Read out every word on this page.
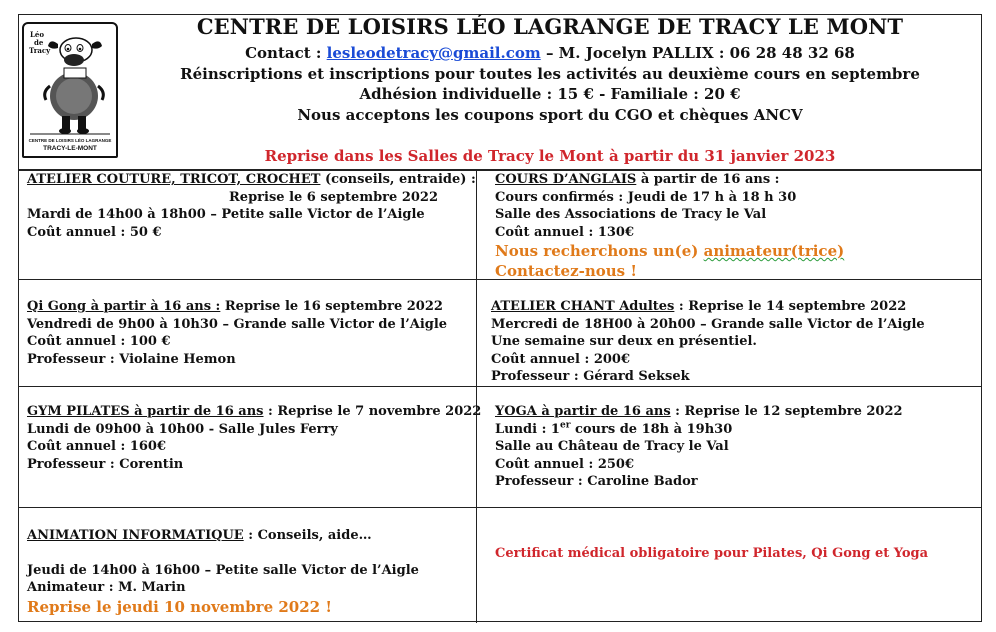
Léo
de
Tracy
CENTRE DE LOISIRS LÉO LAGRANGE
TRACY-LE-MONT
CENTRE DE LOISIRS LÉO LAGRANGE DE TRACY LE MONT
Contact : lesleodetracy@gmail.com – M. Jocelyn PALLIX : 06 28 48 32 68
Réinscriptions et inscriptions pour toutes les activités au deuxième cours en septembre
Adhésion individuelle : 15 € - Familiale : 20 €
Nous acceptons les coupons sport du CGO et chèques ANCV
Reprise dans les Salles de Tracy le Mont à partir du 31 janvier 2023
ATELIER COUTURE, TRICOT, CROCHET (conseils, entraide) :
Reprise le 6 septembre 2022
Mardi de 14h00 à 18h00 – Petite salle Victor de l’Aigle
Coût annuel : 50 €
COURS D’ANGLAIS à partir de 16 ans :
Cours confirmés : Jeudi de 17 h à 18 h 30
Salle des Associations de Tracy le Val
Coût annuel : 130€
Nous recherchons un(e) animateur(trice)
Contactez-nous !
Qi Gong à partir à 16 ans : Reprise le 16 septembre 2022
Vendredi de 9h00 à 10h30 – Grande salle Victor de l’Aigle
Coût annuel : 100 €
Professeur : Violaine Hemon
ATELIER CHANT Adultes : Reprise le 14 septembre 2022
Mercredi de 18H00 à 20h00 – Grande salle Victor de l’Aigle
Une semaine sur deux en présentiel.
Coût annuel : 200€
Professeur : Gérard Seksek
GYM PILATES à partir de 16 ans : Reprise le 7 novembre 2022
Lundi de 09h00 à 10h00 - Salle Jules Ferry
Coût annuel : 160€
Professeur : Corentin
YOGA à partir de 16 ans : Reprise le 12 septembre 2022
Lundi : 1er cours de 18h à 19h30
Salle au Château de Tracy le Val
Coût annuel : 250€
Professeur : Caroline Bador
ANIMATION INFORMATIQUE : Conseils, aide…
Jeudi de 14h00 à 16h00 – Petite salle Victor de l’Aigle
Animateur : M. Marin
Reprise le jeudi 10 novembre 2022 !
Certificat médical obligatoire pour Pilates, Qi Gong et Yoga
